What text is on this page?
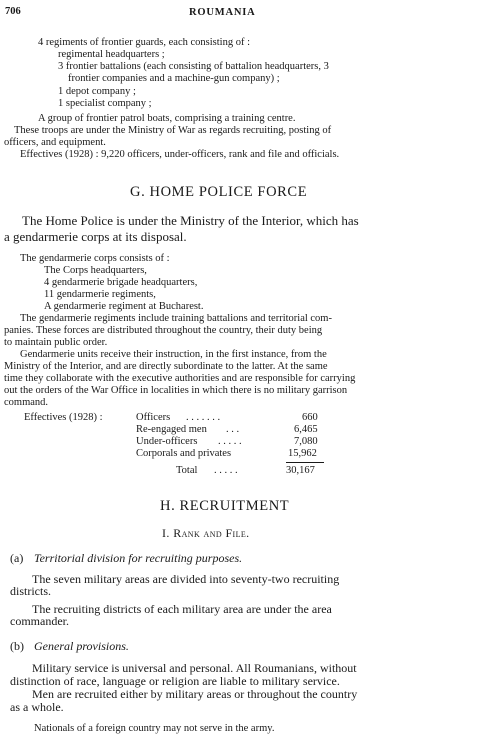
706	ROUMANIA
4 regiments of frontier guards, each consisting of :
regimental headquarters ;
3 frontier battalions (each consisting of battalion headquarters, 3
frontier companies and a machine-gun company) ;
1 depot company ;
1 specialist company ;
A group of frontier patrol boats, comprising a training centre.
These troops are under the Ministry of War as regards recruiting, posting of
officers, and equipment.
Effectives (1928) : 9,220 officers, under-officers, rank and file and officials.
G. HOME POLICE FORCE
The Home Police is under the Ministry of the Interior, which has
a gendarmerie corps at its disposal.
The gendarmerie corps consists of :
The Corps headquarters,
4 gendarmerie brigade headquarters,
11 gendarmerie regiments,
A gendarmerie regiment at Bucharest.
The gendarmerie regiments include training battalions and territorial com-
panies. These forces are distributed throughout the country, their duty being
to maintain public order.
Gendarmerie units receive their instruction, in the first instance, from the
Ministry of the Interior, and are directly subordinate to the latter. At the same
time they collaborate with the executive authorities and are responsible for carrying
out the orders of the War Office in localities in which there is no military garrison
command.
Effectives (1928) :	Officers . . . . . . .	660
Re-engaged men . . .	6,465
Under-officers . . . . .	7,080
Corporals and privates	15,962
Total . . . . .	30,167
H. RECRUITMENT
I. Rank and File.
(a) Territorial division for recruiting purposes.
The seven military areas are divided into seventy-two recruiting
districts.
The recruiting districts of each military area are under the area
commander.
(b) General provisions.
Military service is universal and personal. All Roumanians, without
distinction of race, language or religion are liable to military service.
Men are recruited either by military areas or throughout the country
as a whole.
Nationals of a foreign country may not serve in the army.
